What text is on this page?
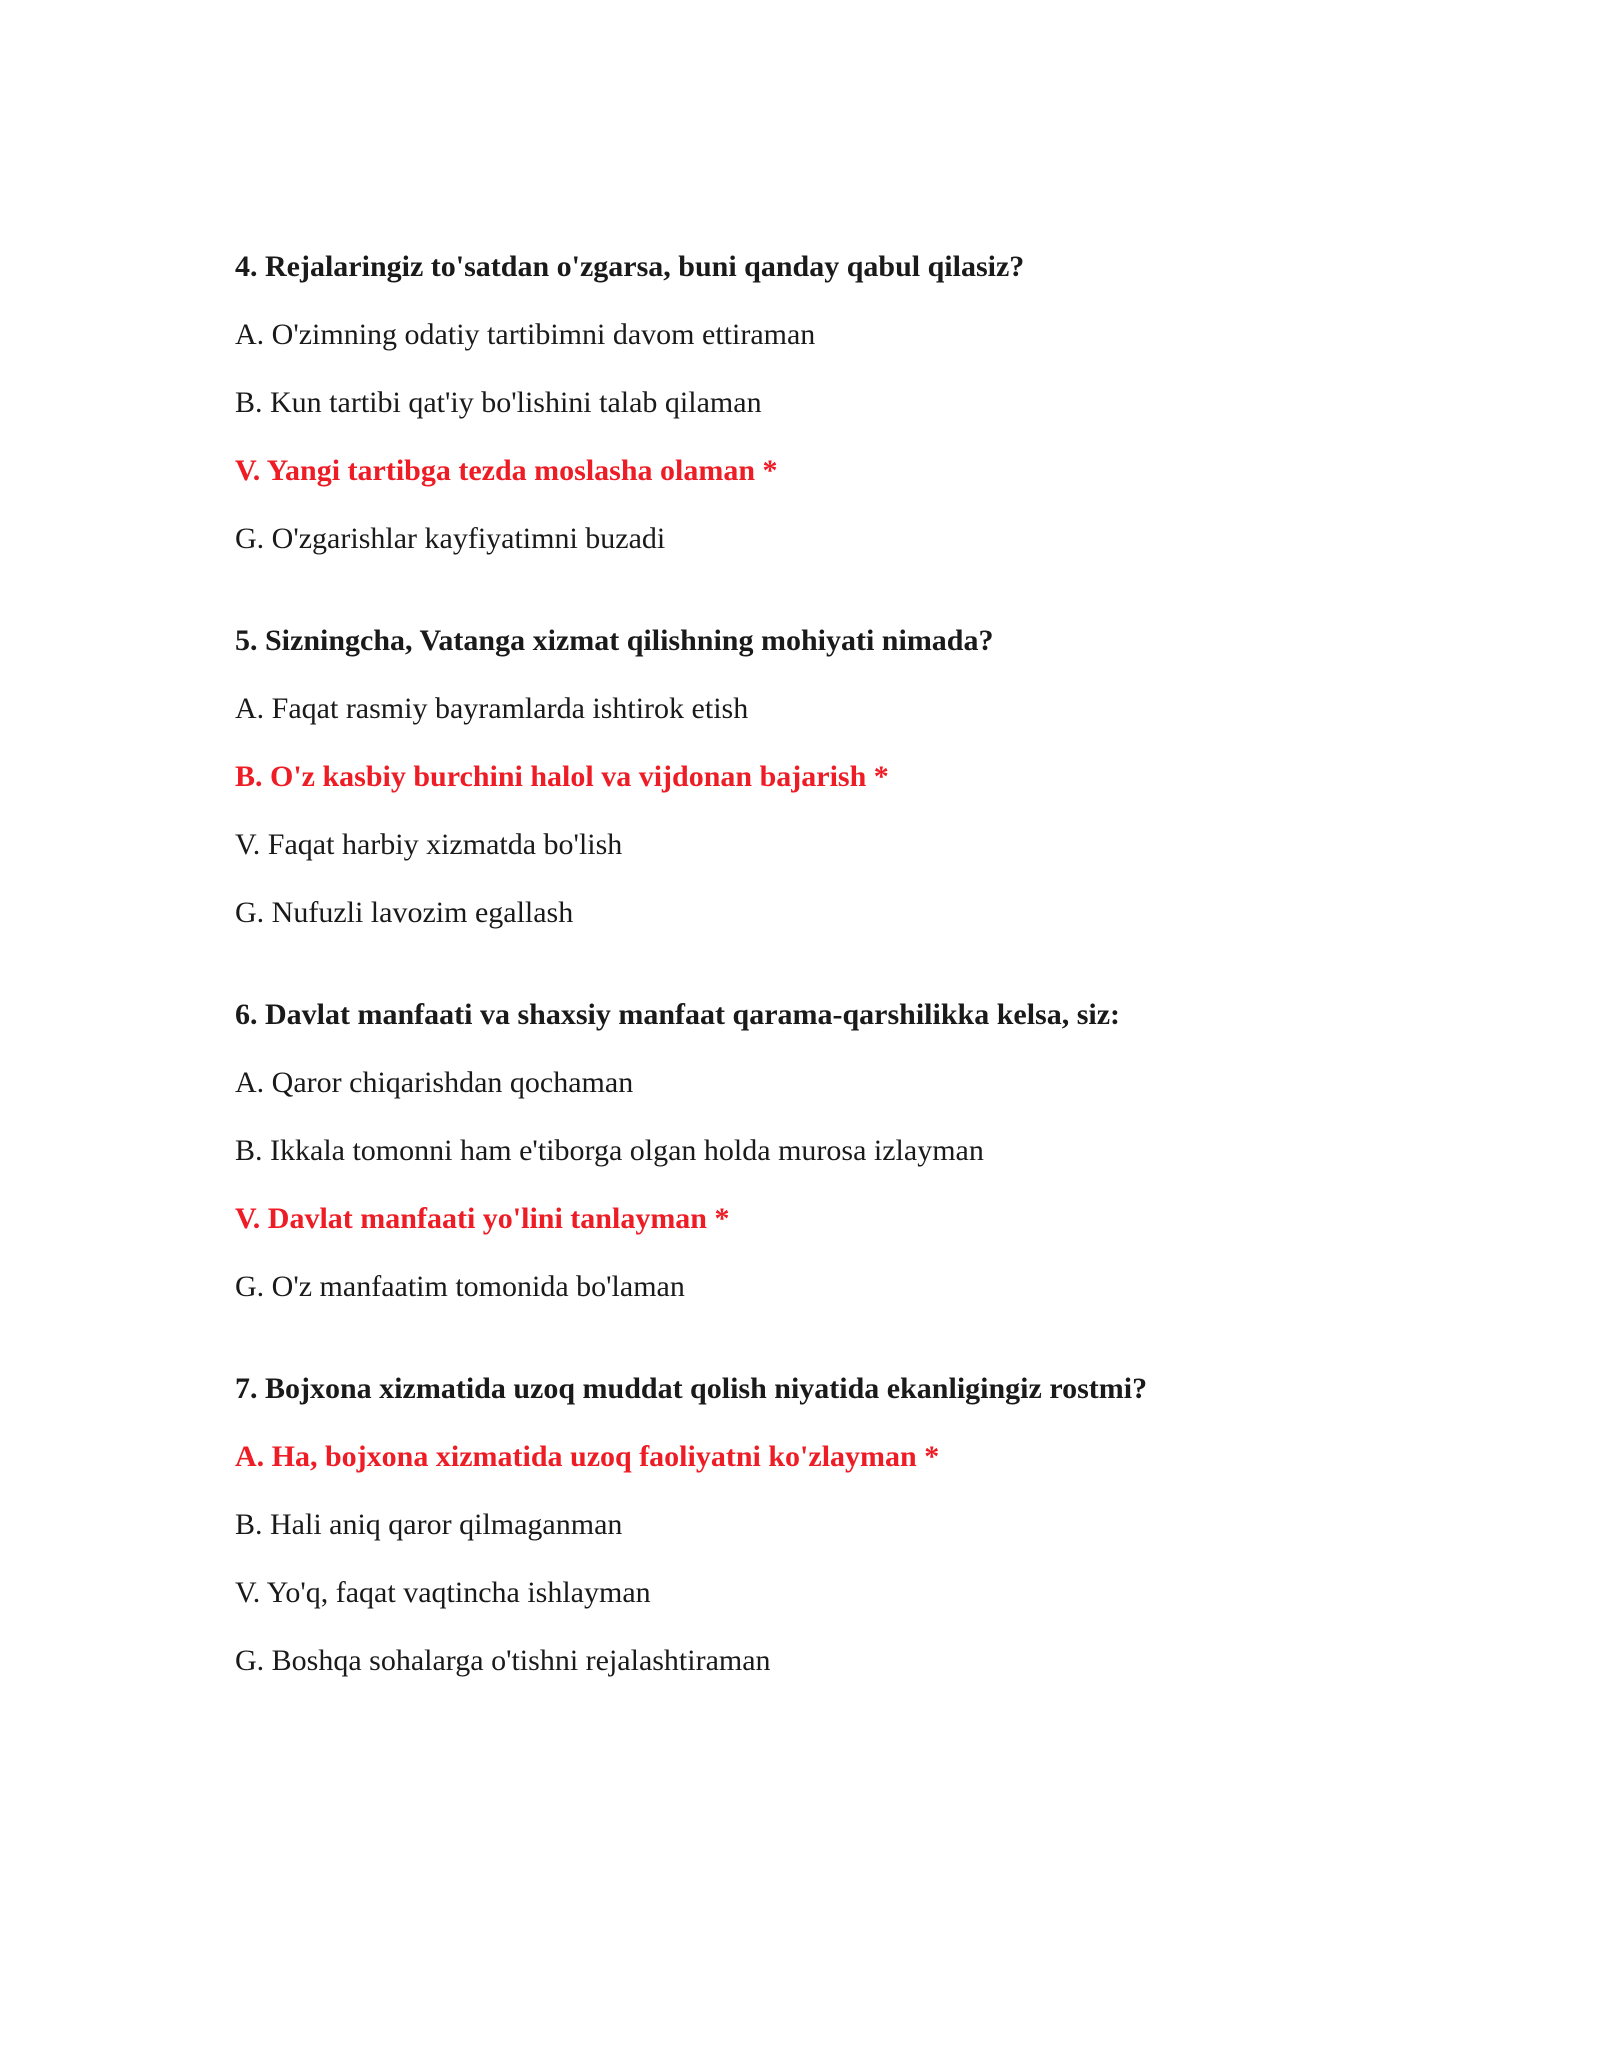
4. Rejalaringiz to'satdan o'zgarsa, buni qanday qabul qilasiz?
A. O'zimning odatiy tartibimni davom ettiraman
B. Kun tartibi qat'iy bo'lishini talab qilaman
V. Yangi tartibga tezda moslasha olaman *
G. O'zgarishlar kayfiyatimni buzadi
5. Sizningcha, Vatanga xizmat qilishning mohiyati nimada?
A. Faqat rasmiy bayramlarda ishtirok etish
B. O'z kasbiy burchini halol va vijdonan bajarish *
V. Faqat harbiy xizmatda bo'lish
G. Nufuzli lavozim egallash
6. Davlat manfaati va shaxsiy manfaat qarama-qarshilikka kelsa, siz:
A. Qaror chiqarishdan qochaman
B. Ikkala tomonni ham e'tiborga olgan holda murosa izlayman
V. Davlat manfaati yo'lini tanlayman *
G. O'z manfaatim tomonida bo'laman
7. Bojxona xizmatida uzoq muddat qolish niyatida ekanligingiz rostmi?
A. Ha, bojxona xizmatida uzoq faoliyatni ko'zlayman *
B. Hali aniq qaror qilmaganman
V. Yo'q, faqat vaqtincha ishlayman
G. Boshqa sohalarga o'tishni rejalashtiraman
